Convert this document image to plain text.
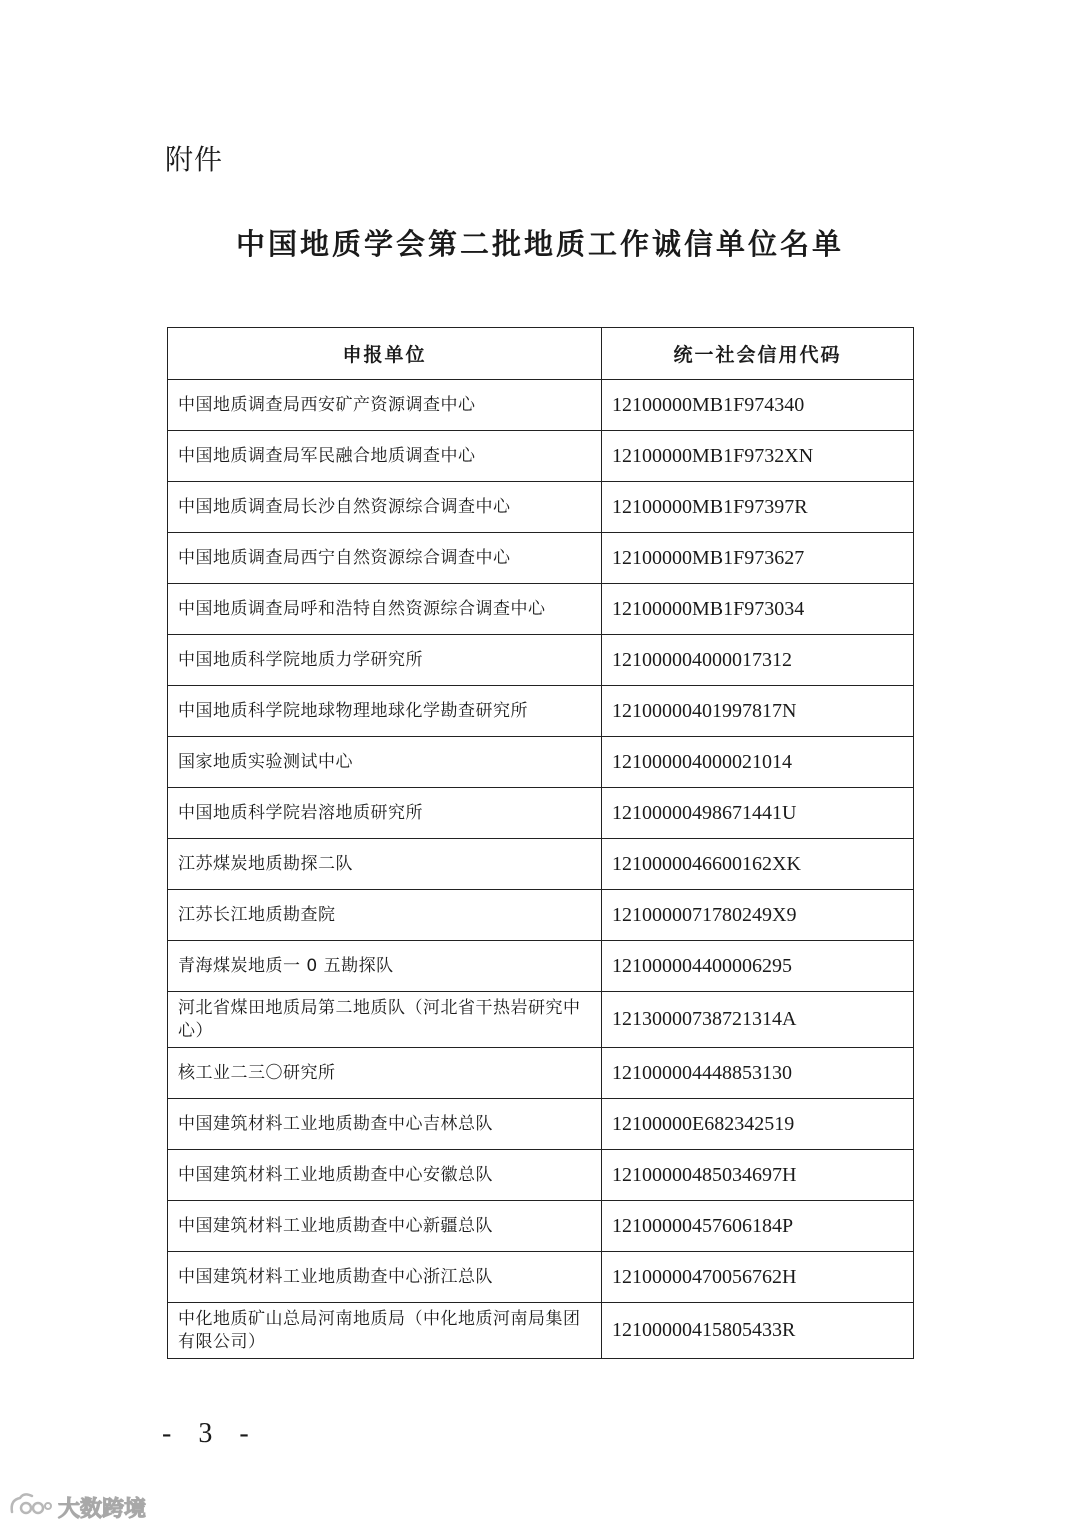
附件
中国地质学会第二批地质工作诚信单位名单
申报单位	统一社会信用代码
中国地质调查局西安矿产资源调查中心	12100000MB1F974340
中国地质调查局军民融合地质调查中心	12100000MB1F9732XN
中国地质调查局长沙自然资源综合调查中心	12100000MB1F97397R
中国地质调查局西宁自然资源综合调查中心	12100000MB1F973627
中国地质调查局呼和浩特自然资源综合调查中心	12100000MB1F973034
中国地质科学院地质力学研究所	121000004000017312
中国地质科学院地球物理地球化学勘查研究所	12100000401997817N
国家地质实验测试中心	121000004000021014
中国地质科学院岩溶地质研究所	12100000498671441U
江苏煤炭地质勘探二队	1210000046600162XK
江苏长江地质勘查院	1210000071780249X9
青海煤炭地质一 0 五勘探队	121000004400006295
河北省煤田地质局第二地质队（河北省干热岩研究中心）	12130000738721314A
核工业二三〇研究所	121000004448853130
中国建筑材料工业地质勘查中心吉林总队	12100000E682342519
中国建筑材料工业地质勘查中心安徽总队	12100000485034697H
中国建筑材料工业地质勘查中心新疆总队	12100000457606184P
中国建筑材料工业地质勘查中心浙江总队	12100000470056762H
中化地质矿山总局河南地质局（中化地质河南局集团有限公司）	12100000415805433R
- 3 -
大数跨境
